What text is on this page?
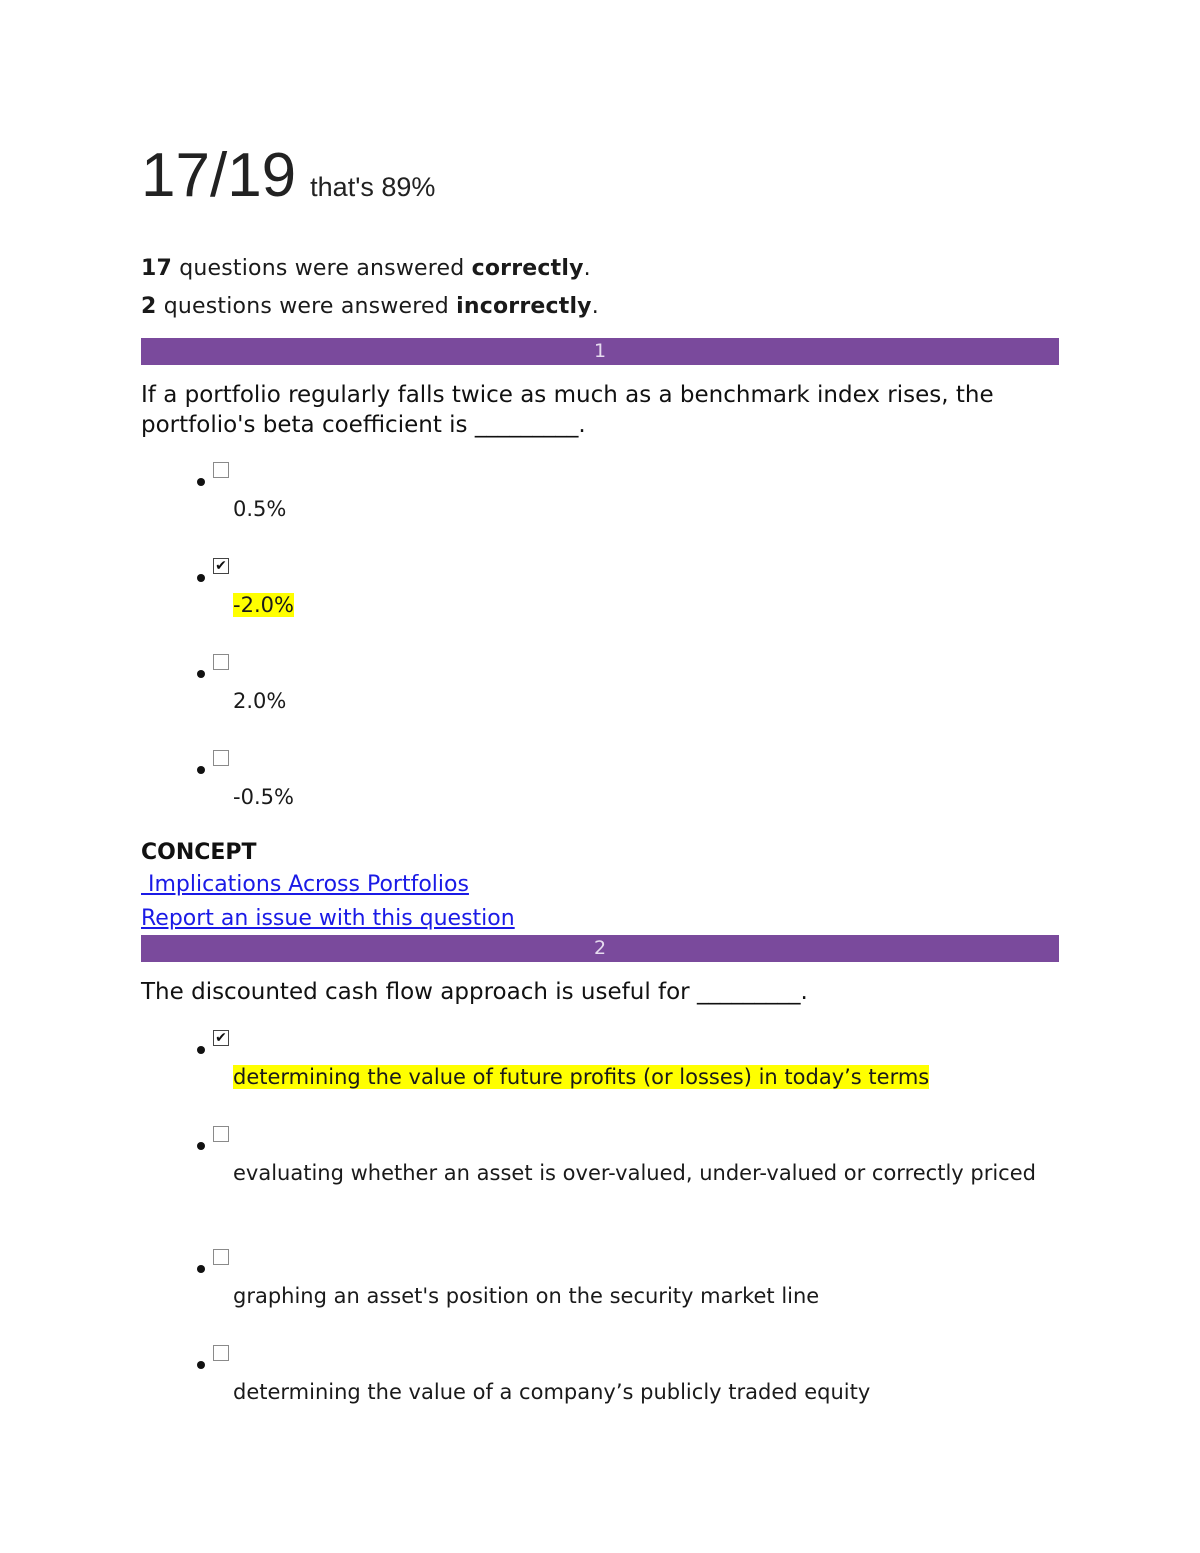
17/19 that's 89%
17 questions were answered correctly.
2 questions were answered incorrectly.
1
If a portfolio regularly falls twice as much as a benchmark index rises, the portfolio's beta coefficient is _________.
0.5%
✔
-2.0%
2.0%
-0.5%
CONCEPT
Implications Across Portfolios
Report an issue with this question
2
The discounted cash flow approach is useful for _________.
✔
determining the value of future profits (or losses) in today’s terms
evaluating whether an asset is over-valued, under-valued or correctly priced
graphing an asset's position on the security market line
determining the value of a company’s publicly traded equity
